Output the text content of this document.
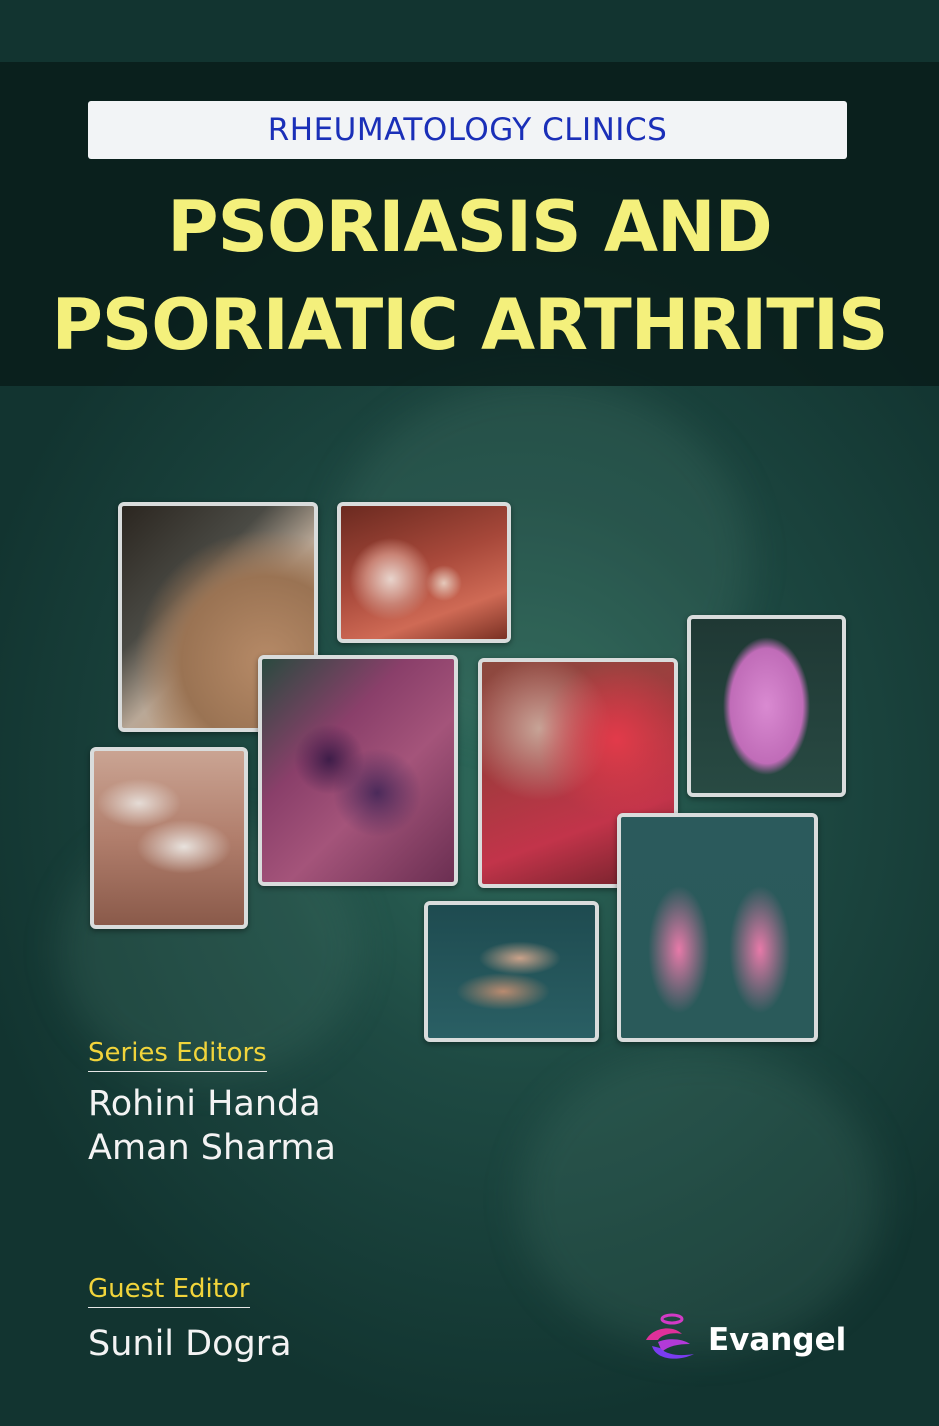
RHEUMATOLOGY CLINICS
PSORIASIS AND
PSORIATIC ARTHRITIS
Series Editors
Rohini Handa
Aman Sharma
Guest Editor
Sunil Dogra	Evangel
